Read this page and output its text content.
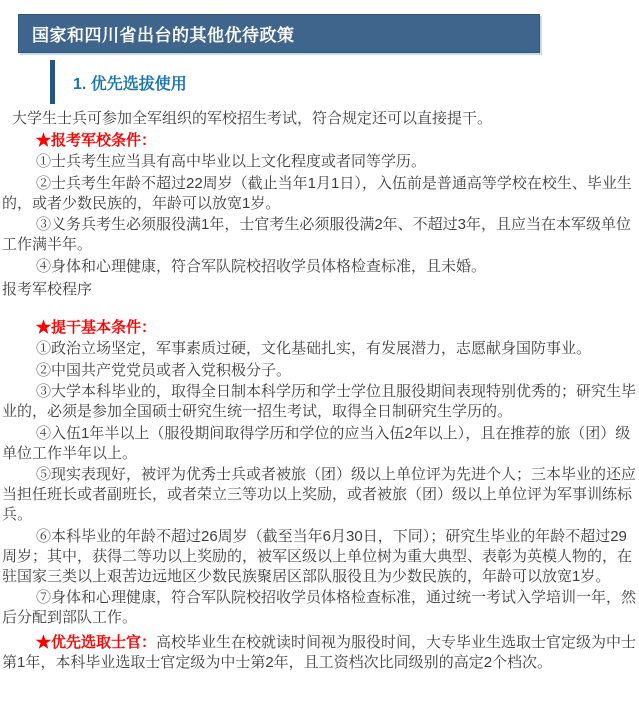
国家和四川省出台的其他优待政策
1. 优先选拔使用

大学生士兵可参加全军组织的军校招生考试，符合规定还可以直接提干。

★报考军校条件：

①士兵考生应当具有高中毕业以上文化程度或者同等学历。

②士兵考生年龄不超过22周岁（截止当年1月1日），入伍前是普通高等学校在校生、毕业生的，或者少数民族的，年龄可以放宽1岁。

③义务兵考生必须服役满1年，士官考生必须服役满2年、不超过3年，且应当在本军级单位工作满半年。

④身体和心理健康，符合军队院校招收学员体格检查标准，且未婚。

报考军校程序

★提干基本条件：

①政治立场坚定，军事素质过硬，文化基础扎实，有发展潜力，志愿献身国防事业。

②中国共产党党员或者入党积极分子。

③大学本科毕业的，取得全日制本科学历和学士学位且服役期间表现特别优秀的；研究生毕业的，必须是参加全国硕士研究生统一招生考试，取得全日制研究生学历的。

④入伍1年半以上（服役期间取得学历和学位的应当入伍2年以上），且在推荐的旅（团）级单位工作半年以上。

⑤现实表现好，被评为优秀士兵或者被旅（团）级以上单位评为先进个人；三本毕业的还应当担任班长或者副班长，或者荣立三等功以上奖励，或者被旅（团）级以上单位评为军事训练标兵。

⑥本科毕业的年龄不超过26周岁（截至当年6月30日，下同）；研究生毕业的年龄不超过29周岁；其中，获得二等功以上奖励的，被军区级以上单位树为重大典型、表彰为英模人物的，在驻国家三类以上艰苦边远地区少数民族聚居区部队服役且为少数民族的，年龄可以放宽1岁。

⑦身体和心理健康，符合军队院校招收学员体格检查标准，通过统一考试入学培训一年，然后分配到部队工作。

★优先选取士官：高校毕业生在校就读时间视为服役时间，大专毕业生选取士官定级为中士第1年，本科毕业选取士官定级为中士第2年，且工资档次比同级别的高定2个档次。
